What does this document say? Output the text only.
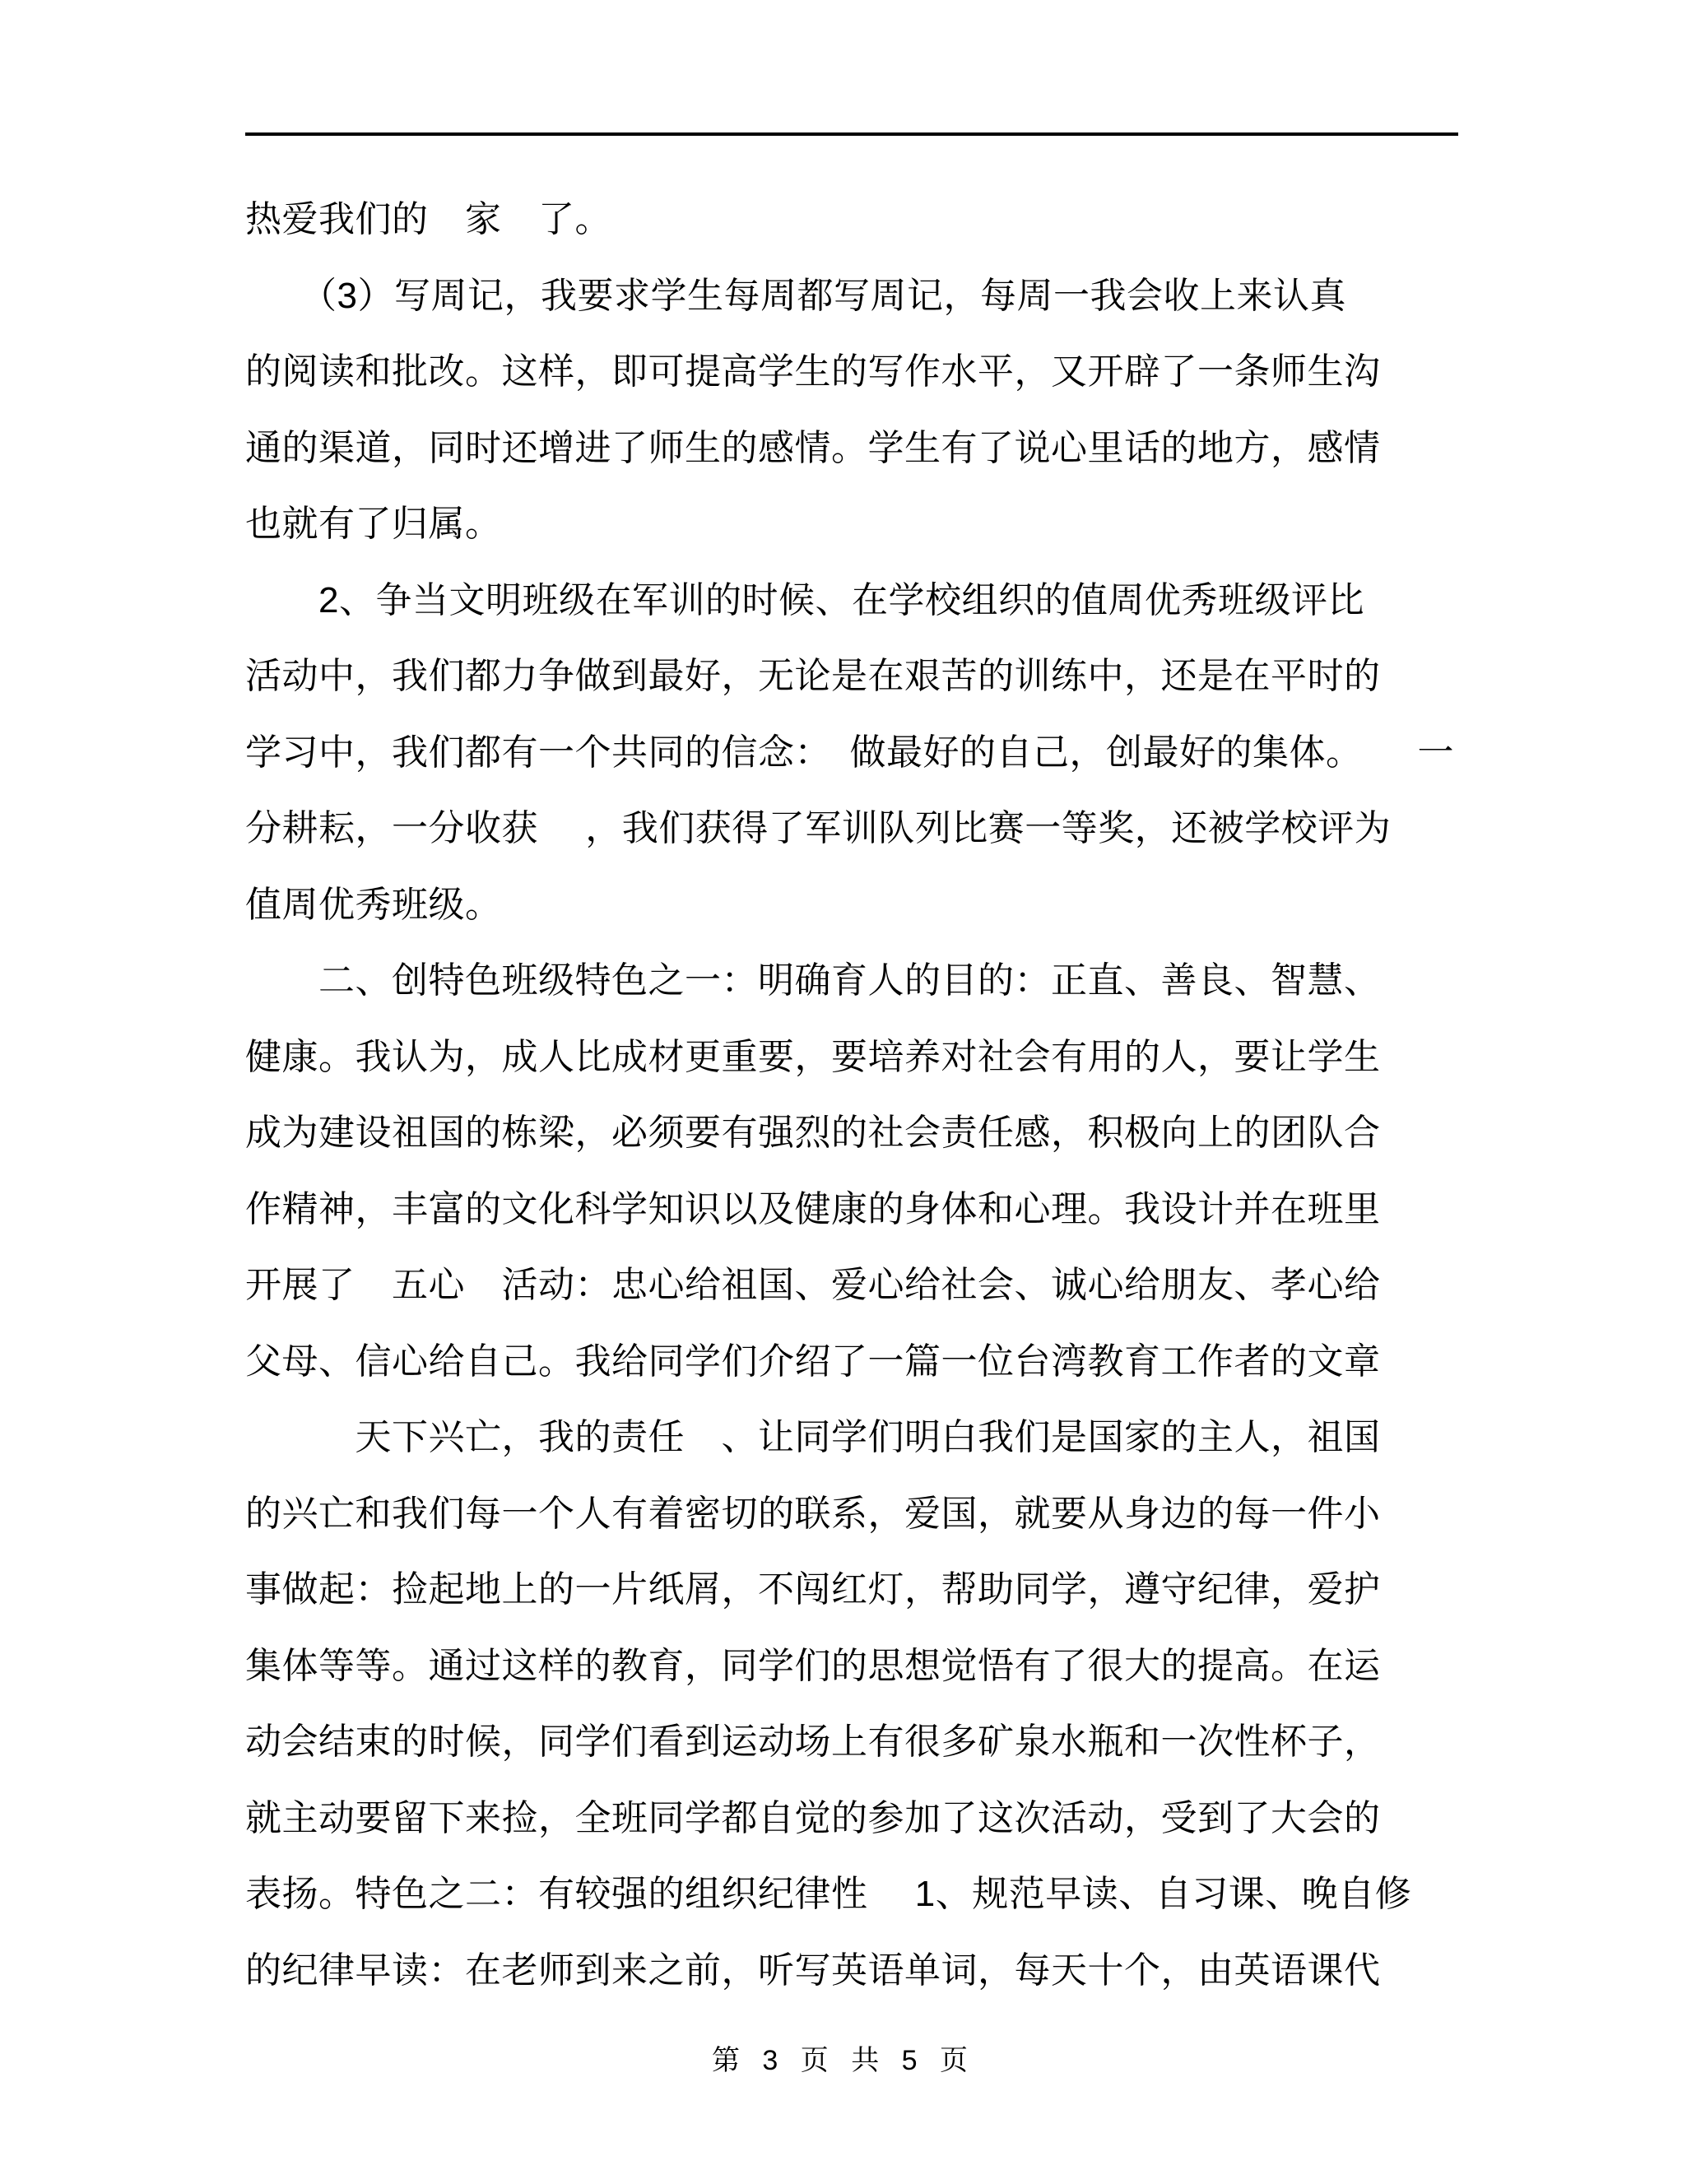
热爱我们的　家　了。
　　（3）写周记，我要求学生每周都写周记，每周一我会收上来认真
的阅读和批改。这样，即可提高学生的写作水平，又开辟了一条师生沟
通的渠道，同时还增进了师生的感情。学生有了说心里话的地方，感情
也就有了归属。
　　2、争当文明班级在军训的时候、在学校组织的值周优秀班级评比
活动中，我们都力争做到最好，无论是在艰苦的训练中，还是在平时的
学习中，我们都有一个共同的信念：　做最好的自己，创最好的集体。　　一
分耕耘，一分收获　 ，我们获得了军训队列比赛一等奖，还被学校评为
值周优秀班级。
　　二、创特色班级特色之一：明确育人的目的：正直、善良、智慧、
健康。我认为，成人比成材更重要，要培养对社会有用的人，要让学生
成为建设祖国的栋梁，必须要有强烈的社会责任感，积极向上的团队合
作精神，丰富的文化科学知识以及健康的身体和心理。我设计并在班里
开展了　五心　活动：忠心给祖国、爱心给社会、诚心给朋友、孝心给
父母、信心给自己。我给同学们介绍了一篇一位台湾教育工作者的文章
　　　天下兴亡，我的责任　、让同学们明白我们是国家的主人，祖国
的兴亡和我们每一个人有着密切的联系，爱国，就要从身边的每一件小
事做起：捡起地上的一片纸屑，不闯红灯，帮助同学，遵守纪律，爱护
集体等等。通过这样的教育，同学们的思想觉悟有了很大的提高。在运
动会结束的时候，同学们看到运动场上有很多矿泉水瓶和一次性杯子，
就主动要留下来捡，全班同学都自觉的参加了这次活动，受到了大会的
表扬。特色之二：有较强的组织纪律性　 1、规范早读、自习课、晚自修
的纪律早读：在老师到来之前，听写英语单词，每天十个，由英语课代
第 3 页 共 5 页
